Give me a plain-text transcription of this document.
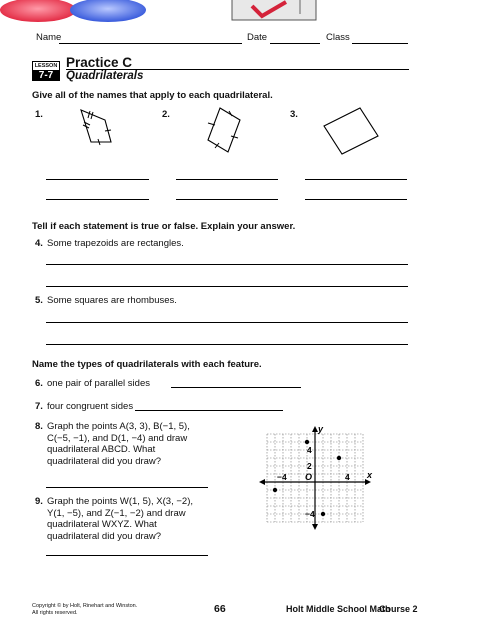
Name	Date	Class
LESSON
7-7
Practice C
Quadrilaterals
Give all of the names that apply to each quadrilateral.
1.	2.	3.
Tell if each statement is true or false. Explain your answer.
4. Some trapezoids are rectangles.
5. Some squares are rhombuses.
Name the types of quadrilaterals with each feature.
6. one pair of parallel sides
7. four congruent sides
8. Graph the points A(3, 3), B(−1, 5),
C(−5, −1), and D(1, −4) and draw
quadrilateral ABCD. What
quadrilateral did you draw?
9. Graph the points W(1, 5), X(3, −2),
Y(1, −5), and Z(−1, −2) and draw
quadrilateral WXYZ. What
quadrilateral did you draw?
x
y
O
−4	4
4
2
−4
Copyright © by Holt, Rinehart and Winston.
All rights reserved.	66	Holt Middle School Math
Course 2
